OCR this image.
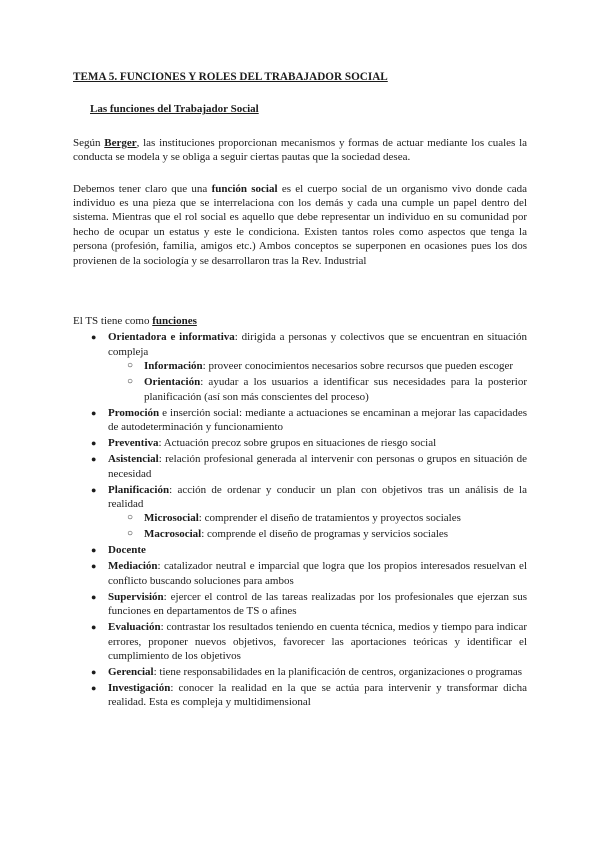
TEMA 5. FUNCIONES Y ROLES DEL TRABAJADOR SOCIAL
Las funciones del Trabajador Social

Según Berger, las instituciones proporcionan mecanismos y formas de actuar mediante los cuales la conducta se modela y se obliga a seguir ciertas pautas que la sociedad desea.

Debemos tener claro que una función social es el cuerpo social de un organismo vivo donde cada individuo es una pieza que se interrelaciona con los demás y cada una cumple un papel dentro del sistema. Mientras que el rol social es aquello que debe representar un individuo en su comunidad por hecho de ocupar un estatus y este le condiciona. Existen tantos roles como aspectos que tenga la persona (profesión, familia, amigos etc.) Ambos conceptos se superponen en ocasiones pues los dos provienen de la sociología y se desarrollaron tras la Rev. Industrial

El TS tiene como funciones
● Orientadora e informativa: dirigida a personas y colectivos que se encuentran en situación compleja
○ Información: proveer conocimientos necesarios sobre recursos que pueden escoger
○ Orientación: ayudar a los usuarios a identificar sus necesidades para la posterior planificación (así son más conscientes del proceso)
● Promoción e inserción social: mediante a actuaciones se encaminan a mejorar las capacidades de autodeterminación y funcionamiento
● Preventiva: Actuación precoz sobre grupos en situaciones de riesgo social
● Asistencial: relación profesional generada al intervenir con personas o grupos en situación de necesidad
● Planificación: acción de ordenar y conducir un plan con objetivos tras un análisis de la realidad
○ Microsocial: comprender el diseño de tratamientos y proyectos sociales
○ Macrosocial: comprende el diseño de programas y servicios sociales
● Docente
● Mediación: catalizador neutral e imparcial que logra que los propios interesados resuelvan el conflicto buscando soluciones para ambos
● Supervisión: ejercer el control de las tareas realizadas por los profesionales que ejerzan sus funciones en departamentos de TS o afines
● Evaluación: contrastar los resultados teniendo en cuenta técnica, medios y tiempo para indicar errores, proponer nuevos objetivos, favorecer las aportaciones teóricas y identificar el cumplimiento de los objetivos
● Gerencial: tiene responsabilidades en la planificación de centros, organizaciones o programas
● Investigación: conocer la realidad en la que se actúa para intervenir y transformar dicha realidad. Esta es compleja y multidimensional
